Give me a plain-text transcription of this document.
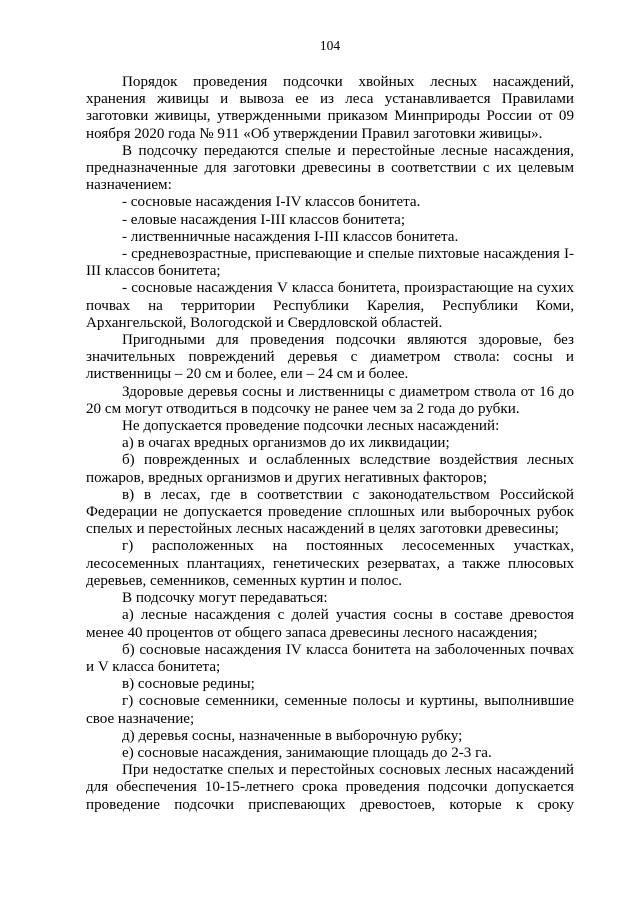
104

Порядок проведения подсочки хвойных лесных насаждений, хранения живицы и вывоза ее из леса устанавливается Правилами заготовки живицы, утвержденными приказом Минприроды России от 09 ноября 2020 года № 911 «Об утверждении Правил заготовки живицы».

В подсочку передаются спелые и перестойные лесные насаждения, предназначенные для заготовки древесины в соответствии с их целевым назначением:

- сосновые насаждения I-IV классов бонитета.

- еловые насаждения I-III классов бонитета;

- лиственничные насаждения I-III классов бонитета.

- средневозрастные, приспевающие и спелые пихтовые насаждения I-III классов бонитета;

- сосновые насаждения V класса бонитета, произрастающие на сухих почвах на территории Республики Карелия, Республики Коми, Архангельской, Вологодской и Свердловской областей.

Пригодными для проведения подсочки являются здоровые, без значительных повреждений деревья с диаметром ствола: сосны и лиственницы – 20 см и более, ели – 24 см и более.

Здоровые деревья сосны и лиственницы с диаметром ствола от 16 до 20 см могут отводиться в подсочку не ранее чем за 2 года до рубки.

Не допускается проведение подсочки лесных насаждений:

а) в очагах вредных организмов до их ликвидации;

б) поврежденных и ослабленных вследствие воздействия лесных пожаров, вредных организмов и других негативных факторов;

в) в лесах, где в соответствии с законодательством Российской Федерации не допускается проведение сплошных или выборочных рубок спелых и перестойных лесных насаждений в целях заготовки древесины;

г) расположенных на постоянных лесосеменных участках, лесосеменных плантациях, генетических резерватах, а также плюсовых деревьев, семенников, семенных куртин и полос.

В подсочку могут передаваться:

а) лесные насаждения с долей участия сосны в составе древостоя менее 40 процентов от общего запаса древесины лесного насаждения;

б) сосновые насаждения IV класса бонитета на заболоченных почвах и V класса бонитета;

в) сосновые редины;

г) сосновые семенники, семенные полосы и куртины, выполнившие свое назначение;

д) деревья сосны, назначенные в выборочную рубку;

е) сосновые насаждения, занимающие площадь до 2-3 га.

При недостатке спелых и перестойных сосновых лесных насаждений для обеспечения 10-15-летнего срока проведения подсочки допускается проведение подсочки приспевающих древостоев, которые к сроку
